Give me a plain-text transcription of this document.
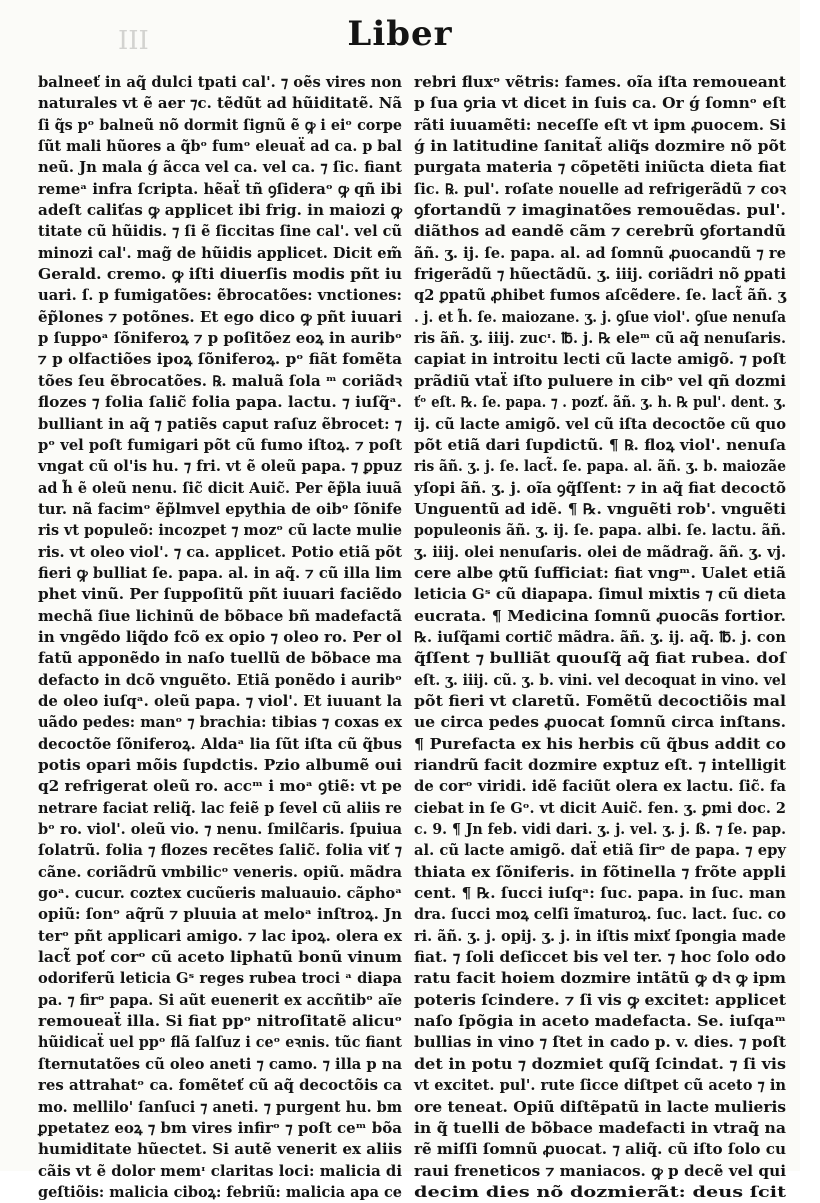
III	Liber
balneeť in aq̃ dulci tpati cal'. ⁊ oẽs vires non
naturales vt ẽ aer ⁊c. tẽdũt ad hũiditatẽ. Nã
ſi q̃s pᵒ balneũ nõ dormit ſignũ ẽ ꝙ i eiᵒ corpe
ſũt mali hũores a q̃bᵒ fumᵒ eleuaẗ ad ca. p bal
neũ. Jn mala ǵ ãcca vel ca. vel ca. ⁊ ſic. fiant
remeᵃ infra ſcripta. hẽaẗ tñ ꝯſideraᵒ ꝙ qñ ibi
adeſt caliťas ꝙ applicet ibi frig. in maiozi ꝙ
titate cũ hũidis. ⁊ ſi ẽ ſiccitas ſine cal'. vel cũ
minozi cal'. mag̃ de hũidis applicet. Dicit em̃
Gerald. cremo. ꝙ iſti diuerſis modis pñt iu
uari. ſ. p fumigatões: ẽbrocatões: vnctiones:
ẽp̃lones ⁊ potõnes. Et ego dico ꝙ pñt iuuari
p ſuppoᵃ ſõniferoꝝ ⁊ p poſitõez eoꝝ in auribᵒ
⁊ p olfactiões ipoꝝ ſõniferoꝝ. pᵒ fiãt fomẽta
tões ſeu ẽbrocatões. ℞. maluã ſola ᵐ coriãdꝛ
flozes ⁊ folia ſalic̃ folia papa. lactu. ⁊ iuſq̃ᵃ.
bulliant in aq̃ ⁊ patiẽs caput raſuz ẽbrocet: ⁊
pᵒ vel poſt fumigari põt cũ fumo iſtoꝝ. ⁊ poſt
vngat cũ ol'is hu. ⁊ fri. vt ẽ oleũ papa. ⁊ ꝑpuz
ad h̃ ẽ oleũ nenu. ſic̃ dicit Auic̃. Per ẽp̃la iuuã
tur. nã facimᵒ ẽp̃lmvel epythia de oibᵒ ſõnife
ris vt populeõ: incozpet ⁊ mozᵒ cũ lacte mulie
ris. vt oleo viol'. ⁊ ca. applicet. Potio etiã põt
fieri ꝙ bulliat ſe. papa. al. in aq̃. ⁊ cũ illa lim
phet vinũ. Per ſuppoſitũ pñt iuuari faciẽdo
mechã ſiue lichinũ de bõbace bñ madefactã
in vngẽdo liq̃do fcõ ex opio ⁊ oleo ro. Per ol
fatũ apponẽdo in naſo tuellũ de bõbace ma
defacto in dcõ vnguẽto. Etiã ponẽdo i auribᵒ
de oleo iuſqᵃ. oleũ papa. ⁊ viol'. Et iuuant la
uãdo pedes: manᵒ ⁊ brachia: tibias ⁊ coxas ex
decoctõe ſõniferoꝝ. Aldaᵃ lia ſũt iſta cũ q̃bus
potis opari mõis ſupdctis. Pzio albumẽ oui
q2 refrigerat oleũ ro. accᵐ i moᵃ ꝯtiẽ: vt pe
netrare faciat reliq̃. lac feiẽ p ſevel cũ aliis re
bᵒ ro. viol'. oleũ vio. ⁊ nenu. ſmilc̃aris. ſpuiua
ſolatrũ. folia ⁊ flozes recẽtes ſalic̃. folia viť ⁊
cãne. coriãdrũ vmbilicᵒ veneris. opiũ. mãdra
goᵃ. cucur. coztex cucũeris maluauio. cãphoᵃ
opiũ: ſonᵒ aq̃rũ ⁊ pluuia at meloᵃ inſtroꝝ. Jn
terᵒ pñt applicari amigo. ⁊ lac ipoꝝ. olera ex
lact̃ poť corᵒ cũ aceto liphatũ bonũ vinum
odoriferũ leticia Gˢ reges rubea troci ᵃ diapa
pa. ⁊ firᵒ papa. Si aũt euenerit ex accñtibᵒ aĩe
remoueaẗ illa. Si fiat ppᵒ nitroſitatẽ alicuᵒ
hũidicaẗ uel ppᵒ flã ſalſuz i ceᵒ eꝛnis. tũc fiant
ſternutatões cũ oleo aneti ⁊ camo. ⁊ illa p na
res attrahatᵒ ca. fomẽteť cũ aq̃ decoctõis ca
mo. mellilo' ſanſuci ⁊ aneti. ⁊ purgent hu. bm
ꝑpetatez eoꝝ ⁊ bm vires infirᵒ ⁊ poſt ceᵐ bõa
humiditate hũectet. Si autẽ venerit ex aliis
cãis vt ẽ dolor memᶦ claritas loci: malicia di
geſtiõis: malicia ciboꝝ: febriũ: malicia apa ce
rebri fluxᵒ vẽtris: fames. oĩa iſta remoueant
p ſua ꝯria vt dicet in ſuis ca. Or ǵ ſomnᵒ eſt
rãti iuuamẽti: neceſſe eſt vt ipm ꝓuocem. Si
ǵ in latitudine ſanitat̃ aliq̃s dozmire nõ põt
purgata materia ⁊ cõpetẽti iniũcta dieta fiat
ſic. ℞. pul'. roſate nouelle ad refrigerãdũ ⁊ coꝛ
ꝯfortandũ ⁊ imaginatões remouẽdas. pul'.
diãthos ad eandẽ cãm ⁊ cerebrũ ꝯfortandũ
ãñ. ʒ. ij. ſe. papa. al. ad ſomnũ ꝓuocandũ ⁊ re
frigerãdũ ⁊ hũectãdũ. ʒ. iiij. coriãdri nõ ꝑpati
q2 ꝑpatũ ꝓhibet fumos aſcẽdere. ſe. lact̃ ãñ. ʒ
. j. et h̃. ſe. maiozane. ʒ. j. ꝯſue viol'. ꝯſue nenuſa
ris ãñ. ʒ. iiij. zucᶦ. ℔. j. ℞ eleᵐ cũ aq̃ nenuſaris.
capiat in introitu lecti cũ lacte amigõ. ⁊ poſt
prãdiũ vtaẗ iſto puluere in cibᵒ vel qñ dozmi
ťᵒ eſt. ℞. ſe. papa. ⁊ . pozť. ãñ. ʒ. h. ℞ pul'. dent. ʒ.
ij. cũ lacte amigõ. vel cũ iſta decoctõe cũ quo
põt etiã dari ſupdictũ. ¶ ℞. floꝝ viol'. nenuſa
ris ãñ. ʒ. j. ſe. lact̃. ſe. papa. al. ãñ. ʒ. b. maiozãe
yſopi ãñ. ʒ. j. oĩa ꝯq̃ſſent: ⁊ in aq̃ fiat decoctõ
Unguentũ ad idẽ. ¶ ℞. vnguẽti rob'. vnguẽti
populeonis ãñ. ʒ. ij. ſe. papa. albi. ſe. lactu. ãñ.
ʒ. iiij. olei nenuſaris. olei de mãdrag̃. ãñ. ʒ. vj.
cere albe ꝙtũ ſufficiat: fiat vngᵐ. Ualet etiã
leticia Gˢ cũ diapapa. ſimul mixtis ⁊ cũ dieta
eucrata. ¶ Medicina ſomnũ ꝓuocãs fortior.
℞. iuſq̃ami cortic̃ mãdra. ãñ. ʒ. ij. aq̃. ℔. j. con
q̃ſſent ⁊ bulliãt quouſq̃ aq̃ fiat rubea. doſ
eſt. ʒ. iiij. cũ. ʒ. b. vini. vel decoquat in vino. vel
põt fieri vt claretũ. Fomẽtũ decoctiõis mal
ue circa pedes ꝓuocat ſomnũ circa inſtans.
¶ Purefacta ex his herbis cũ q̃bus addit co
riandrũ facit dozmire exptuz eſt. ⁊ intelligit
de corᵒ viridi. idẽ faciũt olera ex lactu. ſic̃. fa
ciebat in ſe Gᵒ. vt dicit Auic̃. fen. ʒ. ꝑmi doc. 2
c. 9. ¶ Jn feb. vidi dari. ʒ. j. vel. ʒ. j. ß. ⁊ ſe. pap.
al. cũ lacte amigõ. daẗ etiã ſirᵒ de papa. ⁊ epy
thiata ex ſõniferis. in fõtinella ⁊ frõte appli
cent. ¶ ℞. ſucci iuſqᵃ: ſuc. papa. in ſuc. man
dra. ſucci moꝝ celſi ĩmaturoꝝ. ſuc. lact. ſuc. co
ri. ãñ. ʒ. j. opij. ʒ. j. in iſtis mixť ſpongia made
fiat. ⁊ ſoli deſiccet bis vel ter. ⁊ hoc ſolo odo
ratu facit hoiem dozmire intãtũ ꝙ dꝛ ꝙ ipm
poteris ſcindere. ⁊ ſi vis ꝙ excitet: applicet
naſo ſpõgia in aceto madefacta. Se. iuſqaᵐ
bullias in vino ⁊ ſtet in cado p. v. dies. ⁊ poſt
det in potu ⁊ dozmiet quſq̃ ſcindat. ⁊ ſi vis
vt excitet. pul'. rute ſicce diſtpet cũ aceto ⁊ in
ore teneat. Opiũ diſtẽpatũ in lacte mulieris
in q̃ tuelli de bõbace madefacti in vtraq̃ na
rẽ miſſi ſomnũ ꝓuocat. ⁊ aliq̃. cũ iſto ſolo cu
raui freneticos ⁊ maniacos. ꝙ p decẽ vel qui
decim dies nõ dozmierãt: deus ſcit
